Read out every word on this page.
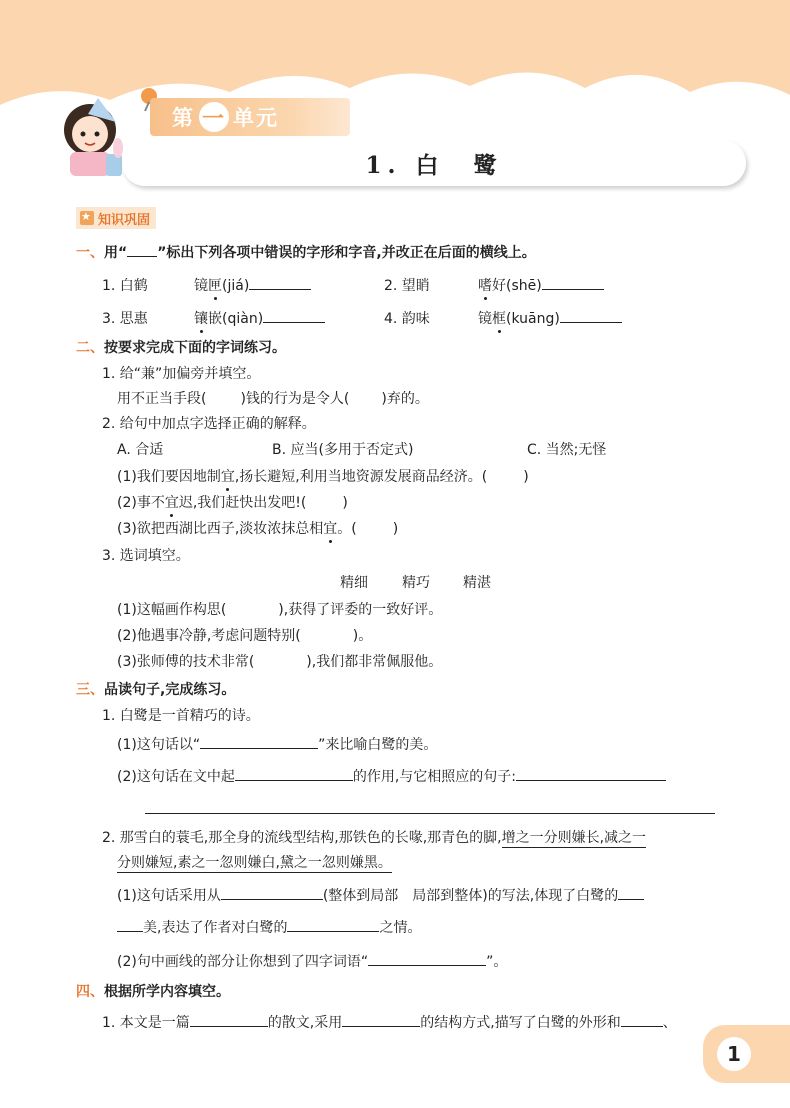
第 一 单元
1. 白　鹭
★
知识巩固
一、用“ ”标出下列各项中错误的字形和字音,并改正在后面的横线上。
1. 白鹤	镜匣(jiá)	2. 望睄	嗜好(shē)
3. 思惠	镶嵌(qiàn)	4. 韵味	镜框(kuāng)
二、按要求完成下面的字词练习。
1. 给“兼”加偏旁并填空。
用不正当手段( )钱的行为是令人( )弃的。
2. 给句中加点字选择正确的解释。
A. 合适	B. 应当(多用于否定式)	C. 当然;无怪
(1)我们要因地制宜,扬长避短,利用当地资源发展商品经济。(	)
(2)事不宜迟,我们赶快出发吧!(	)
(3)欲把西湖比西子,淡妆浓抹总相宜。(	)
3. 选词填空。
精细 精巧 精湛
(1)这幅画作构思(	),获得了评委的一致好评。
(2)他遇事冷静,考虑问题特别(	)。
(3)张师傅的技术非常(	),我们都非常佩服他。
三、品读句子,完成练习。
1. 白鹭是一首精巧的诗。
(1)这句话以“	”来比喻白鹭的美。
(2)这句话在文中起	的作用,与它相照应的句子:
2. 那雪白的蓑毛,那全身的流线型结构,那铁色的长喙,那青色的脚,增之一分则嫌长,减之一
分则嫌短,素之一忽则嫌白,黛之一忽则嫌黑。
(1)这句话采用从	(整体到局部　局部到整体)的写法,体现了白鹭的
美,表达了作者对白鹭的	之情。
(2)句中画线的部分让你想到了四字词语“	”。
四、根据所学内容填空。
1. 本文是一篇	的散文,采用	的结构方式,描写了白鹭的外形和	、
1
